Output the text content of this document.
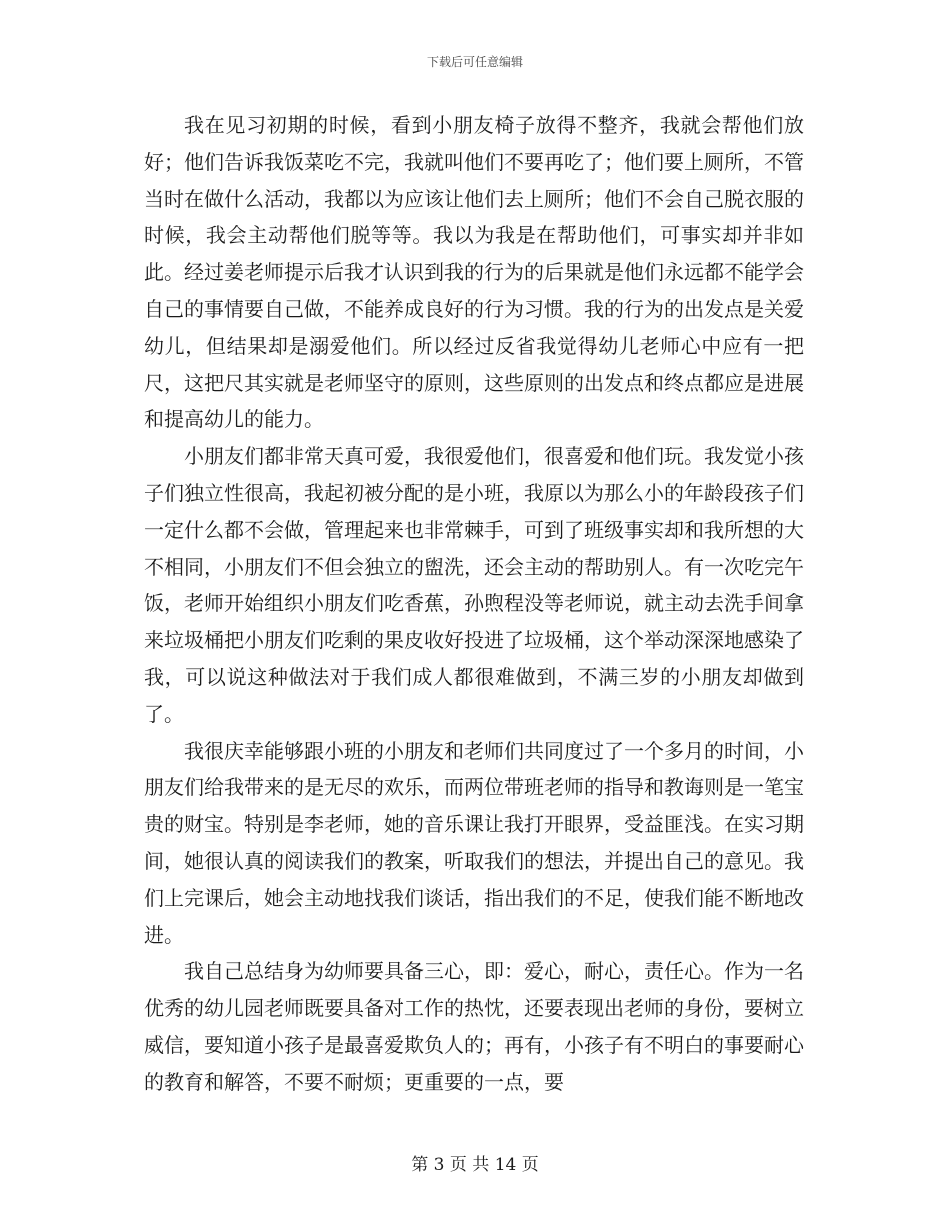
下载后可任意编辑

我在见习初期的时候，看到小朋友椅子放得不整齐，我就会帮他们放好；他们告诉我饭菜吃不完，我就叫他们不要再吃了；他们要上厕所，不管当时在做什么活动，我都以为应该让他们去上厕所；他们不会自己脱衣服的时候，我会主动帮他们脱等等。我以为我是在帮助他们，可事实却并非如此。经过姜老师提示后我才认识到我的行为的后果就是他们永远都不能学会自己的事情要自己做，不能养成良好的行为习惯。我的行为的出发点是关爱幼儿，但结果却是溺爱他们。所以经过反省我觉得幼儿老师心中应有一把尺，这把尺其实就是老师坚守的原则，这些原则的出发点和终点都应是进展和提高幼儿的能力。

小朋友们都非常天真可爱，我很爱他们，很喜爱和他们玩。我发觉小孩子们独立性很高，我起初被分配的是小班，我原以为那么小的年龄段孩子们一定什么都不会做，管理起来也非常棘手，可到了班级事实却和我所想的大不相同，小朋友们不但会独立的盥洗，还会主动的帮助别人。有一次吃完午饭，老师开始组织小朋友们吃香蕉，孙煦程没等老师说，就主动去洗手间拿来垃圾桶把小朋友们吃剩的果皮收好投进了垃圾桶，这个举动深深地感染了我，可以说这种做法对于我们成人都很难做到，不满三岁的小朋友却做到了。

我很庆幸能够跟小班的小朋友和老师们共同度过了一个多月的时间，小朋友们给我带来的是无尽的欢乐，而两位带班老师的指导和教诲则是一笔宝贵的财宝。特别是李老师，她的音乐课让我打开眼界，受益匪浅。在实习期间，她很认真的阅读我们的教案，听取我们的想法，并提出自己的意见。我们上完课后，她会主动地找我们谈话，指出我们的不足，使我们能不断地改进。

我自己总结身为幼师要具备三心，即：爱心，耐心，责任心。作为一名优秀的幼儿园老师既要具备对工作的热忱，还要表现出老师的身份，要树立威信，要知道小孩子是最喜爱欺负人的；再有，小孩子有不明白的事要耐心的教育和解答，不要不耐烦；更重要的一点，要

第 3 页 共 14 页
